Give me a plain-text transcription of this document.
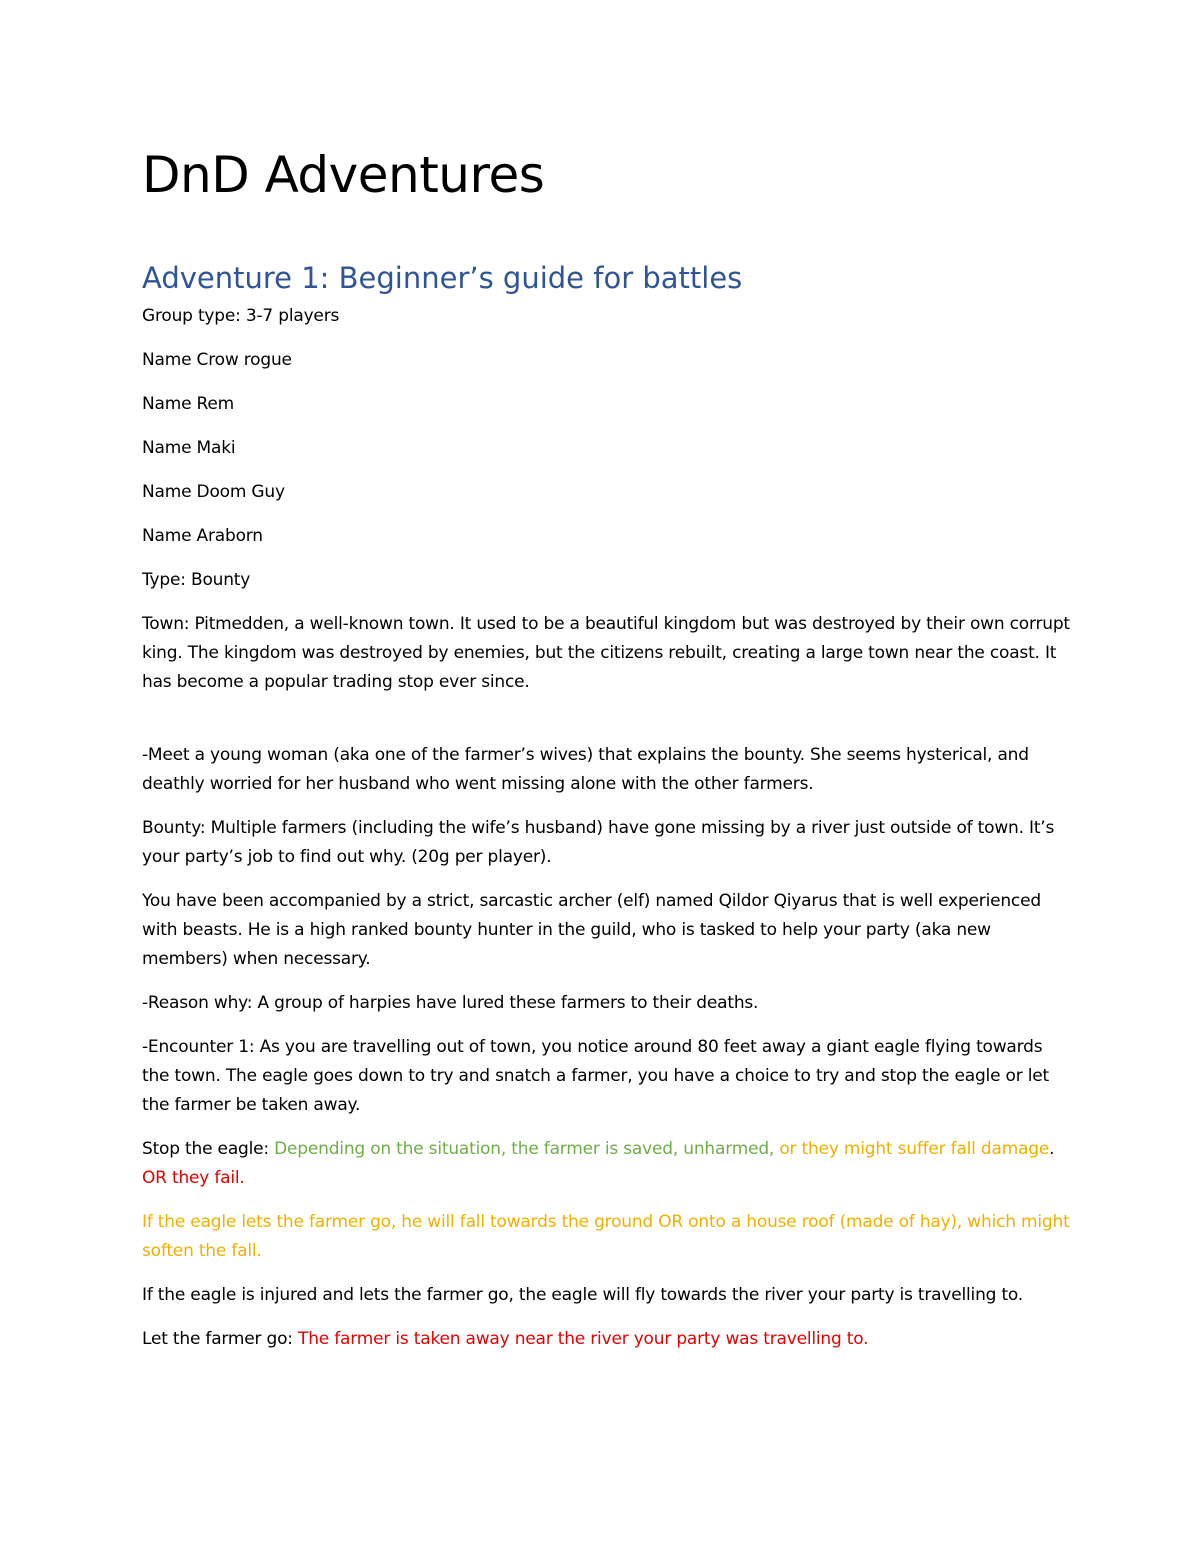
DnD Adventures
Adventure 1: Beginner’s guide for battles

Group type: 3-7 players

Name Crow rogue

Name Rem

Name Maki

Name Doom Guy

Name Araborn

Type: Bounty

Town: Pitmedden, a well-known town. It used to be a beautiful kingdom but was destroyed by their own corrupt king. The kingdom was destroyed by enemies, but the citizens rebuilt, creating a large town near the coast. It has become a popular trading stop ever since.

-Meet a young woman (aka one of the farmer’s wives) that explains the bounty. She seems hysterical, and deathly worried for her husband who went missing alone with the other farmers.

Bounty: Multiple farmers (including the wife’s husband) have gone missing by a river just outside of town. It’s your party’s job to find out why. (20g per player).

You have been accompanied by a strict, sarcastic archer (elf) named Qildor Qiyarus that is well experienced with beasts. He is a high ranked bounty hunter in the guild, who is tasked to help your party (aka new members) when necessary.

-Reason why: A group of harpies have lured these farmers to their deaths.

-Encounter 1: As you are travelling out of town, you notice around 80 feet away a giant eagle flying towards the town. The eagle goes down to try and snatch a farmer, you have a choice to try and stop the eagle or let the farmer be taken away.

Stop the eagle: Depending on the situation, the farmer is saved, unharmed, or they might suffer fall damage. OR they fail.

If the eagle lets the farmer go, he will fall towards the ground OR onto a house roof (made of hay), which might soften the fall.

If the eagle is injured and lets the farmer go, the eagle will fly towards the river your party is travelling to.

Let the farmer go: The farmer is taken away near the river your party was travelling to.
